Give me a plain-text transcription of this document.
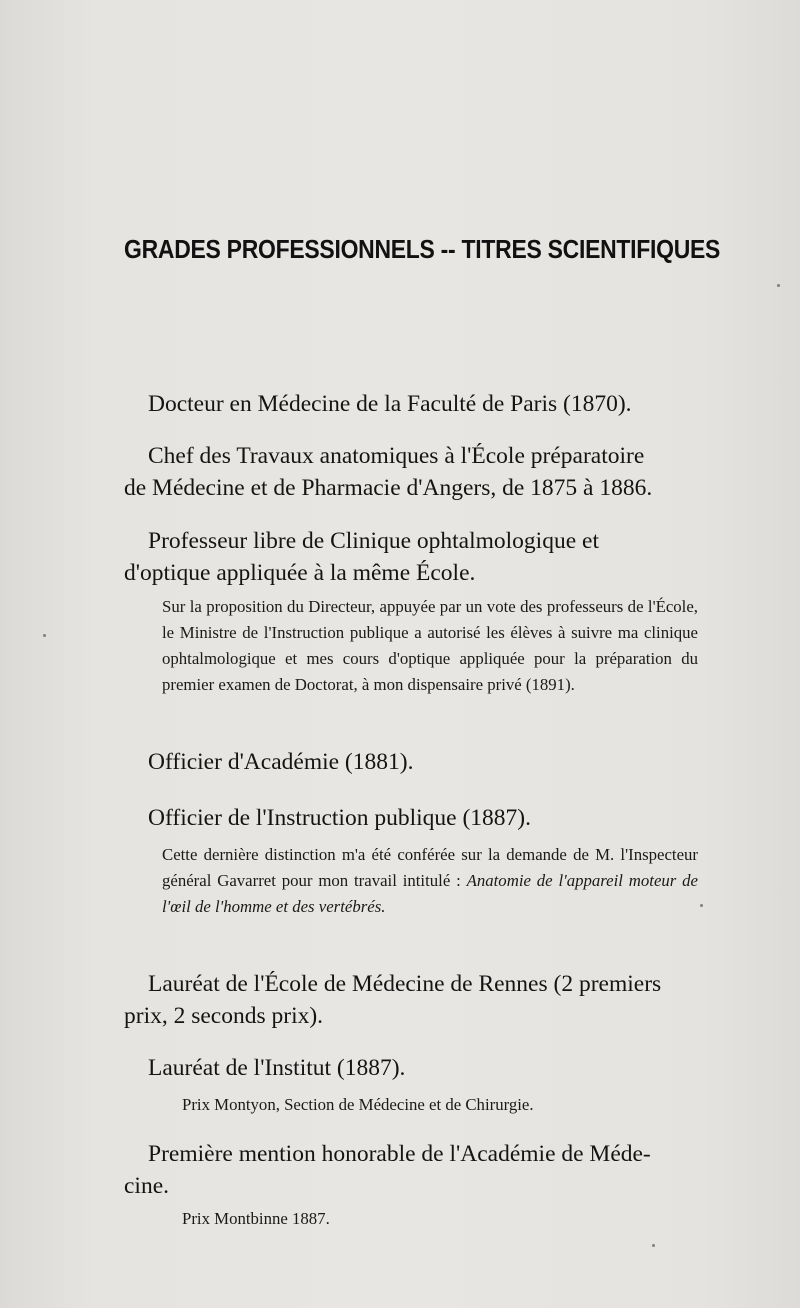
GRADES PROFESSIONNELS -- TITRES SCIENTIFIQUES

Docteur en Médecine de la Faculté de Paris (1870).

Chef des Travaux anatomiques à l'École préparatoire
de Médecine et de Pharmacie d'Angers, de 1875 à 1886.

Professeur libre de Clinique ophtalmologique et
d'optique appliquée à la même École.

Sur la proposition du Directeur, appuyée par un vote des professeurs de l'École, le Ministre de l'Instruction publique a autorisé les élèves à suivre ma clinique ophtalmologique et mes cours d'optique appliquée pour la préparation du premier examen de Doctorat, à mon dispensaire privé (1891).

Officier d'Académie (1881).

Officier de l'Instruction publique (1887).

Cette dernière distinction m'a été conférée sur la demande de M. l'Inspecteur général Gavarret pour mon travail intitulé : Anatomie de l'appareil moteur de l'œil de l'homme et des vertébrés.

Lauréat de l'École de Médecine de Rennes (2 premiers
prix, 2 seconds prix).

Lauréat de l'Institut (1887).

Prix Montyon, Section de Médecine et de Chirurgie.

Première mention honorable de l'Académie de Méde-
cine.

Prix Montbinne 1887.
